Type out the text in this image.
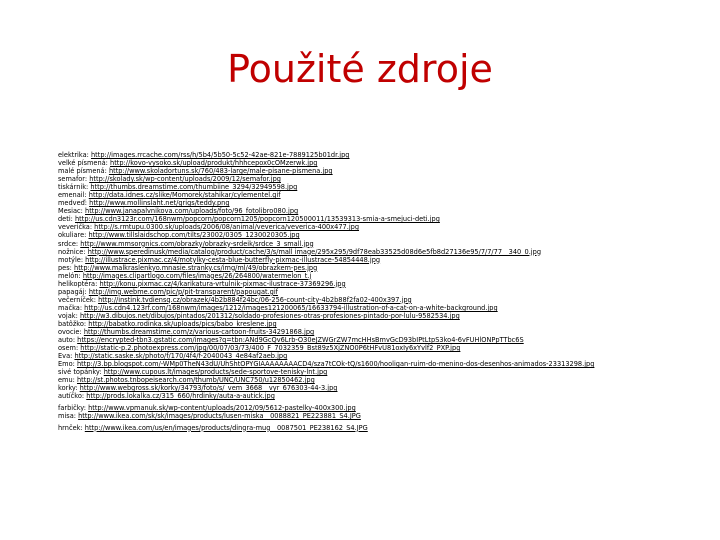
Použité zdroje
elektrika: http://images.rrcache.com/rss/h/5b4/5b50-5c52-42ae-821e-7889125b01dr.jpg
velké písmená: http://kovo-vysoko.sk/upload/produkt/hhhcepox0cOMzerwk.jpg
malé písmená: http://www.skoladortuns.sk/760/483-large/male-pisane-pismena.jpg
semafor: http://skolady.sk/wp-content/uploads/2009/12/semafor.jpg
tiskárnik: http://thumbs.dreamstime.com/thumbiine_3294/32949598.jpg
emenail: http://data.idnes.cz/slike/Momorek/stahikar/cylementel.gif
medveď: http://www.mollinslaht.net/grigs/teddy.png
Mesiac: http://www.janapalvnikova.com/uploads/foto/96_fotolibro080.jpg
deti: http://us.cdn3123r.com/168nwm/popcorn/popcorn1205/popcorn120500011/13539313-smia-a-smejuci-deti.jpg
veverička: http://s.rmtupu.0300.sk/uploads/2006/08/animal/veverica/veverica-400x477.jpg
okuliare: http://www.tillslaidschop.com/tilts/23002/0305_1230020305.jpg
srdce: http://www.mmsorgnics.com/obrazky/obrazky-srdeik/srdce_3_small.jpg
nožnice: http://www.speredinusk/media/catalog/product/cache/3/s/mall image/295x295/9df78eab33525d08d6e5fb8d27136e95/7/7/77__340_0.jpg
motýle: http://illustrace.pixmac.cz/4/motylky-cesta-blue-butterfly-pixmac-illustrace-54854448.jpg
pes: http://www.malkraslenkyo.mnasie.stranky.cs/img/ml/49/obrazkem-pes.jpg
melón: http://images.clipartlogo.com/files/images/26/264800/watermelon_t.j
helikoptéra: http://konu.pixmac.cz/4/karikatura-vrtulnik-pixmac-ilustrace-37369296.jpg
papagáj: http://img.webme.com/pic/p/pit-transparent/papougat.gif
večerníček: http://instink.tvdiensq.cz/obrazek/4b2b884f24bc/06-256-count-city-4b2b88f2fa02-400x397.jpg
mačka: http://us.cdn4.123rf.com/168nwm/images/1212/images121200065/16633794-illustration-of-a-cat-on-a-white-background.jpg
vojak: http://w3.dibujos.net/dibujos/pintados/201312/soldado-profesiones-otras-profesiones-pintado-por-lulu-9582534.jpg
batôžko: http://babatko.rodinka.sk/uploads/pics/babo_kreslene.jpg
ovocie: http://thumbs.dreamstime.com/z/various-cartoon-fruits-34291868.jpg
auto: https://encrypted-tbn3.gstatic.com/images?q=tbn:ANd9GcQv6Lrb-O30eJZWGrZW7mcHHsBmvGcD93bIPtLtpS3ko4-6vFUHlONPpTTbc6S
osem: http://static-p.2.photoexpress.com/jpg/00/07/03/73/400_F_7032359_Bst89z5XjZNO0P6tHFvU81oxIy6xYvlf2_PXP.jpg
Eva: http://static.saske.sk/photo/f/170/4f4/f-2040043_4e84af2aeb.jpg
Emo: http://3.bp.blogspot.com/-WMp0TheN43dU/UhShtOPYGIAAAAAAAACD4/sza7tCOk-tQ/s1600/hooligan-ruim-do-menino-dos-desenhos-animados-23313298.jpg
sivé topánky: http://www.cupous.lt/images/products/sede-sportove-tenisky-lnt.jpg
emu: http://st.photos.tnbopeisearch.com/thumb/UNC/UNC750/u12850462.jpg
korky: http://www.webgross.sk/korky/34793/foto/s/_vem_3668__vyr_676303-44-3.jpg
autíčko: http://prods.lokalka.cz/315_660/hrdinky/auta-a-autick.jpg
farbičky: http://www.vpmanuk.sk/wp-content/uploads/2012/09/5612-pastelky-400x300.jpg
misa: http://www.ikea.com/sk/sk/images/products/lusen-miska__0088821_PE223881_S4.JPG
hrnček: http://www.ikea.com/us/en/images/products/dingra-mug__0087501_PE238162_S4.JPG
